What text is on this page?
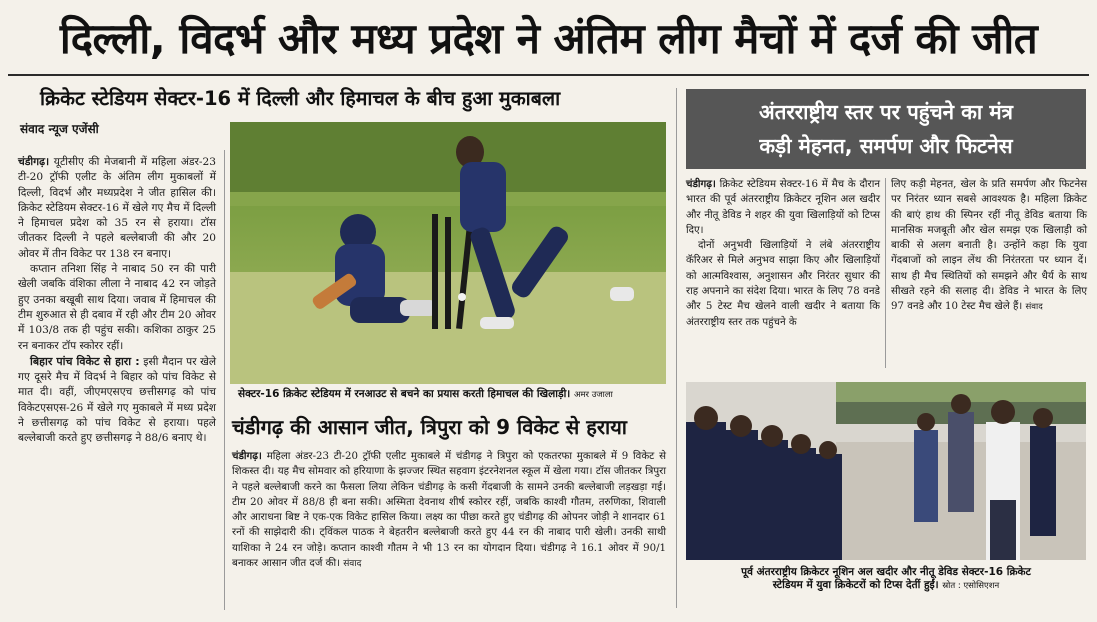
दिल्ली, विदर्भ और मध्य प्रदेश ने अंतिम लीग मैचों में दर्ज की जीत
क्रिकेट स्टेडियम सेक्टर-16 में दिल्ली और हिमाचल के बीच हुआ मुकाबला
संवाद न्यूज एजेंसी

चंडीगढ़। यूटीसीए की मेजबानी में महिला अंडर-23 टी-20 ट्रॉफी एलीट के अंतिम लीग मुकाबलों में दिल्ली, विदर्भ और मध्यप्रदेश ने जीत हासिल की। क्रिकेट स्टेडियम सेक्टर-16 में खेले गए मैच में दिल्ली ने हिमाचल प्रदेश को 35 रन से हराया। टॉस जीतकर दिल्ली ने पहले बल्लेबाजी की और 20 ओवर में तीन विकेट पर 138 रन बनाए।

कप्तान तनिशा सिंह ने नाबाद 50 रन की पारी खेली जबकि वंशिका लीला ने नाबाद 42 रन जोड़ते हुए उनका बखूबी साथ दिया। जवाब में हिमाचल की टीम शुरुआत से ही दबाव में रही और टीम 20 ओवर में 103/8 तक ही पहुंच सकी। कशिका ठाकुर 25 रन बनाकर टॉप स्कोरर रहीं।

बिहार पांच विकेट से हारा : इसी मैदान पर खेले गए दूसरे मैच में विदर्भ ने बिहार को पांच विकेट से मात दी। वहीं, जीएमएसएच छत्तीसगढ़ को पांच विकेटएसएस-26 में खेले गए मुकाबले में मध्य प्रदेश ने छत्तीसगढ़ को पांच विकेट से हराया। पहले बल्लेबाजी करते हुए छत्तीसगढ़ ने 88/6 बनाए थे।

सेक्टर-16 क्रिकेट स्टेडियम में रनआउट से बचने का प्रयास करती हिमाचल की खिलाड़ी। अमर उजाला
चंडीगढ़ की आसान जीत, त्रिपुरा को 9 विकेट से हराया

चंडीगढ़। महिला अंडर-23 टी-20 ट्रॉफी एलीट मुकाबले में चंडीगढ़ ने त्रिपुरा को एकतरफा मुकाबले में 9 विकेट से शिकस्त दी। यह मैच सोमवार को हरियाणा के झज्जर स्थित सहवाग इंटरनेशनल स्कूल में खेला गया। टॉस जीतकर त्रिपुरा ने पहले बल्लेबाजी करने का फैसला लिया लेकिन चंडीगढ़ के कसी गेंदबाजी के सामने उनकी बल्लेबाजी लड़खड़ा गई। टीम 20 ओवर में 88/8 ही बना सकी। अस्मिता देवनाथ शीर्ष स्कोरर रहीं, जबकि काश्वी गौतम, तरुणिका, शिवाली और आराधना बिष्ट ने एक-एक विकेट हासिल किया। लक्ष्य का पीछा करते हुए चंडीगढ़ की ओपनर जोड़ी ने शानदार 61 रनों की साझेदारी की। ट्विंकल पाठक ने बेहतरीन बल्लेबाजी करते हुए 44 रन की नाबाद पारी खेली। उनकी साथी याशिका ने 24 रन जोड़े। कप्तान काश्वी गौतम ने भी 13 रन का योगदान दिया। चंडीगढ़ ने 16.1 ओवर में 90/1 बनाकर आसान जीत दर्ज की। संवाद

अंतरराष्ट्रीय स्तर पर पहुंचने का मंत्र
कड़ी मेहनत, समर्पण और फिटनेस

चंडीगढ़। क्रिकेट स्टेडियम सेक्टर-16 में मैच के दौरान भारत की पूर्व अंतरराष्ट्रीय क्रिकेटर नूशिन अल खदीर और नीतू डेविड ने शहर की युवा खिलाड़ियों को टिप्स दिए।

दोनों अनुभवी खिलाड़ियों ने लंबे अंतरराष्ट्रीय कॅरिअर से मिले अनुभव साझा किए और खिलाड़ियों को आत्मविश्वास, अनुशासन और निरंतर सुधार की राह अपनाने का संदेश दिया। भारत के लिए 78 वनडे और 5 टेस्ट मैच खेलने वाली खदीर ने बताया कि अंतरराष्ट्रीय स्तर तक पहुंचने के

लिए कड़ी मेहनत, खेल के प्रति समर्पण और फिटनेस पर निरंतर ध्यान सबसे आवश्यक है। महिला क्रिकेट की बाएं हाथ की स्पिनर रहीं नीतू डेविड बताया कि मानसिक मजबूती और खेल समझ एक खिलाड़ी को बाकी से अलग बनाती है। उन्होंने कहा कि युवा गेंदबाजों को लाइन लेंथ की निरंतरता पर ध्यान दें। साथ ही मैच स्थितियों को समझने और धैर्य के साथ सीखते रहने की सलाह दी। डेविड ने भारत के लिए 97 वनडे और 10 टेस्ट मैच खेले हैं। संवाद

पूर्व अंतरराष्ट्रीय क्रिकेटर नूशिन अल खदीर और नीतू डेविड सेक्टर-16 क्रिकेट
स्टेडियम में युवा क्रिकेटरों को टिप्स देतीं हुईं। स्रोत : एसोसिएशन
